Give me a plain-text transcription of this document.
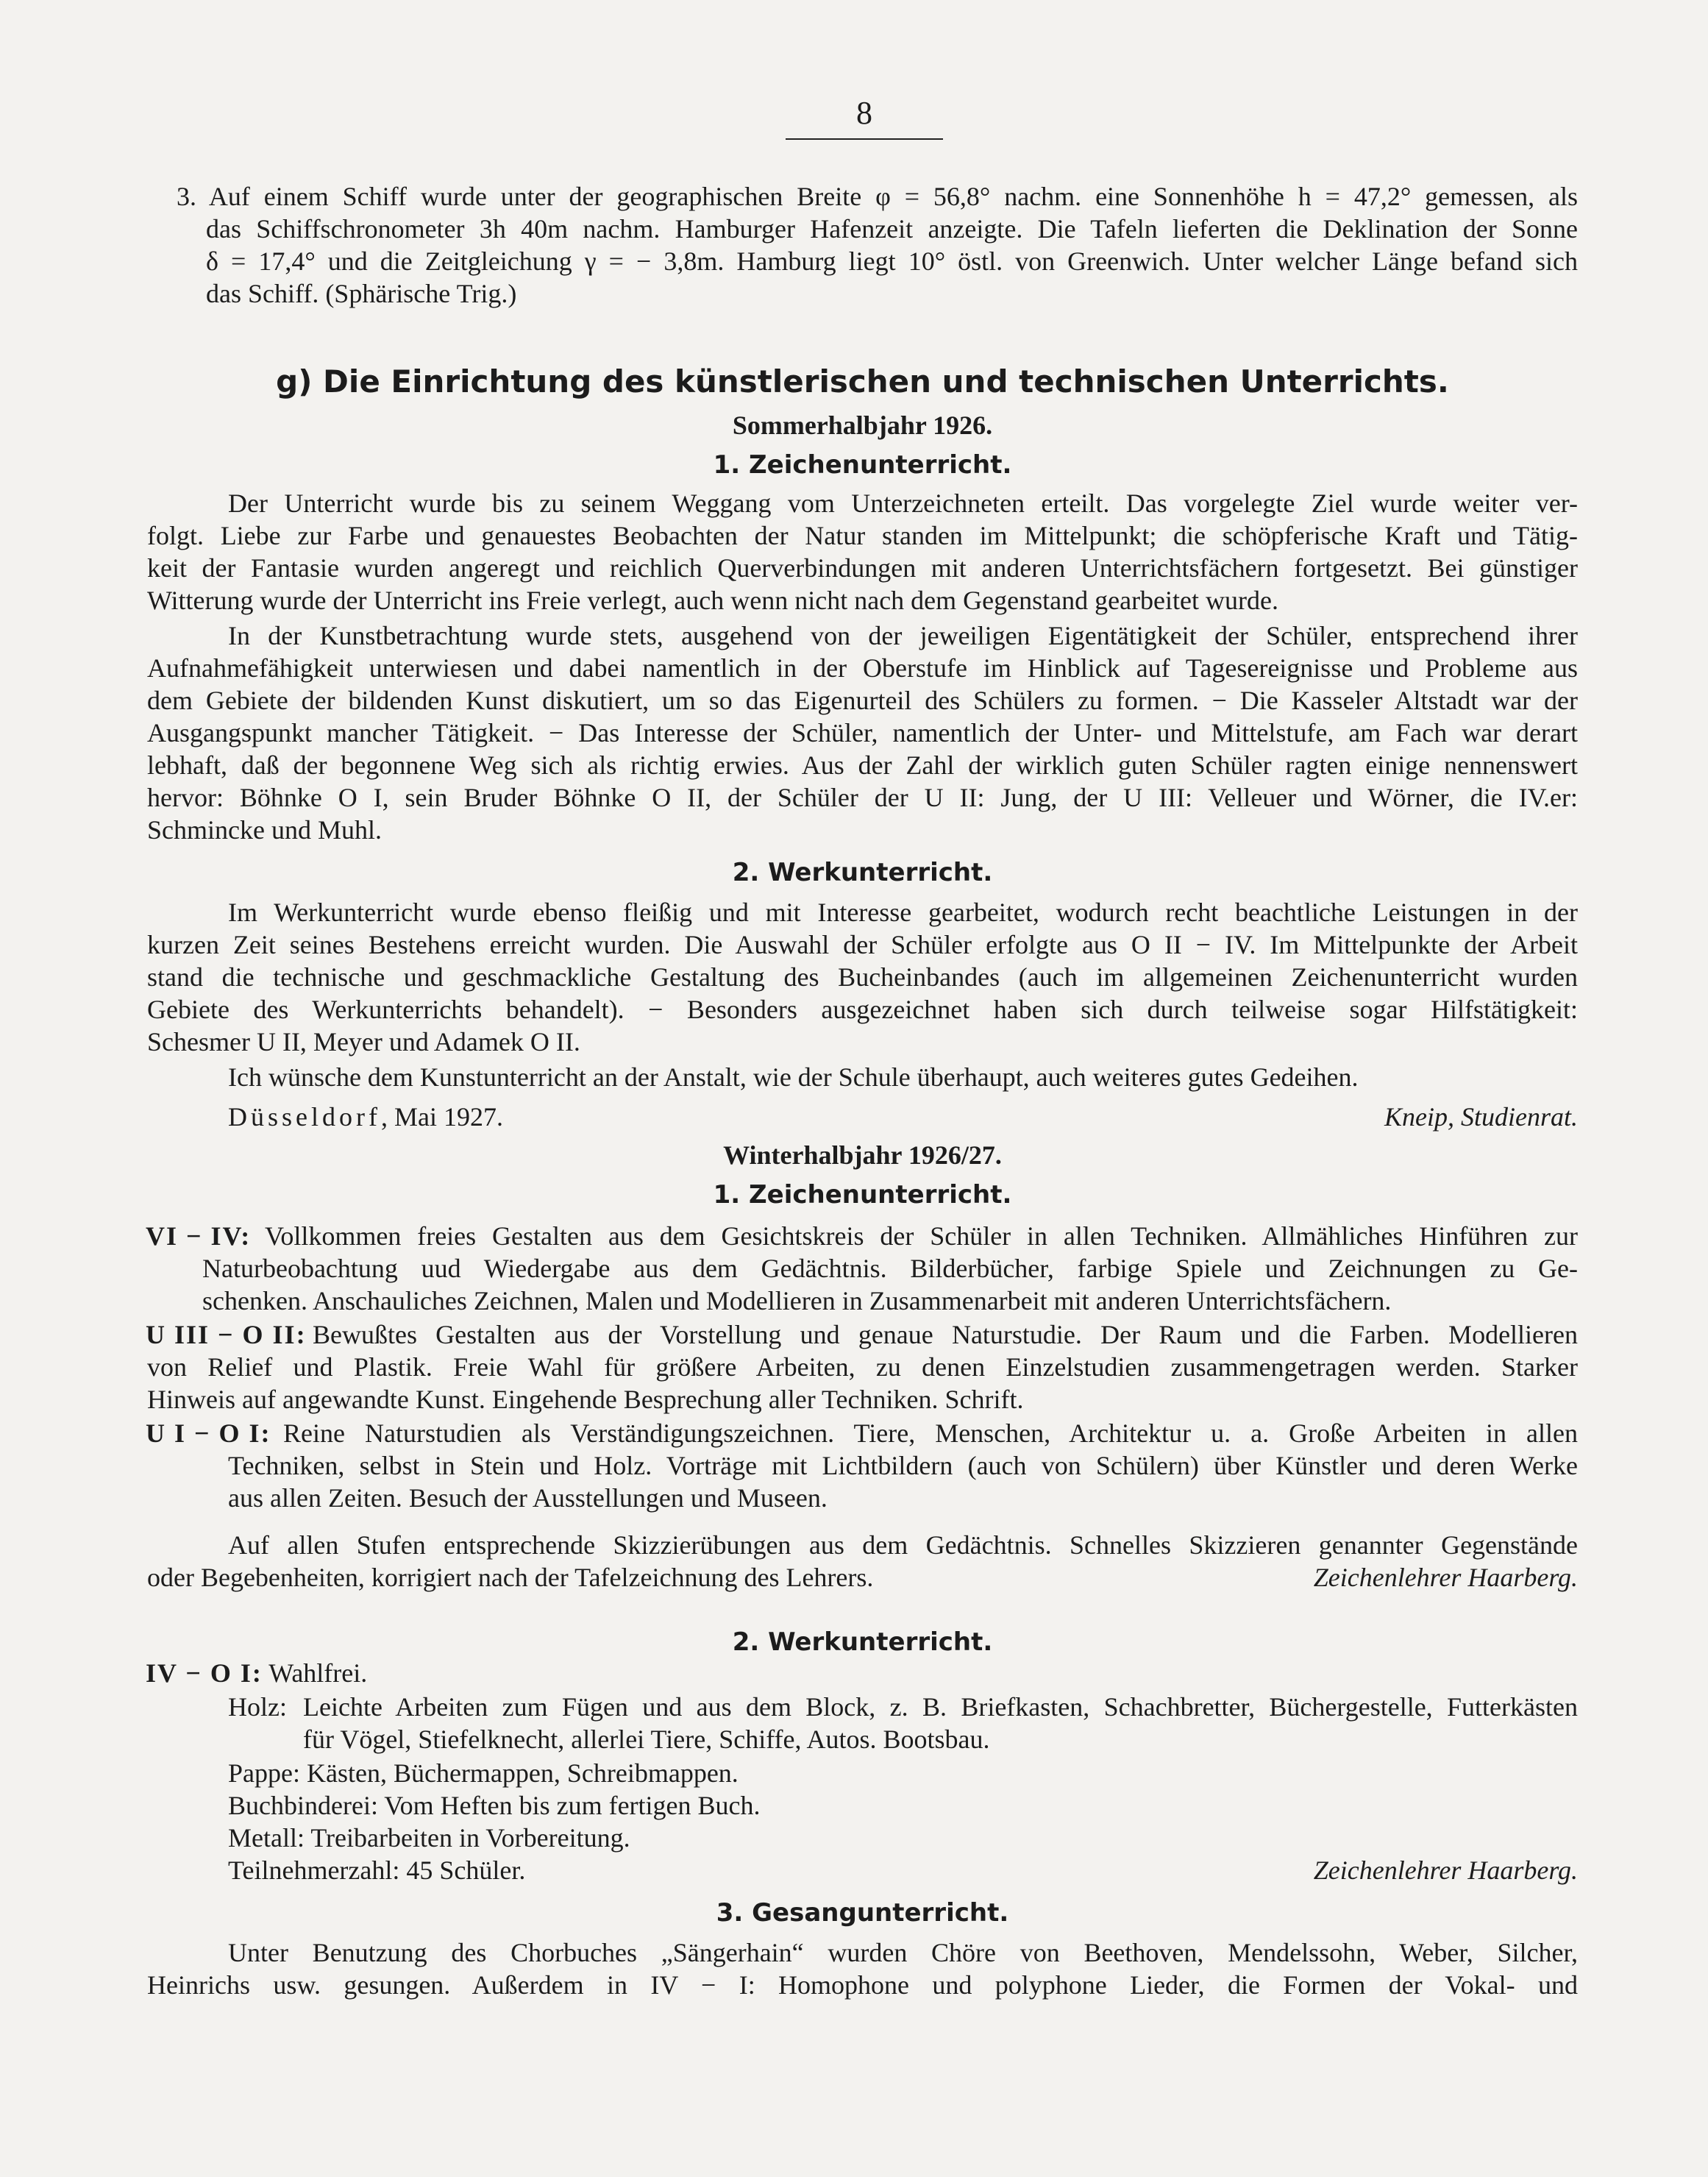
8
3. Auf einem Schiff wurde unter der geographischen Breite φ = 56,8° nachm. eine Sonnenhöhe h = 47,2° gemessen, als
das Schiffschronometer 3h 40m nachm. Hamburger Hafenzeit anzeigte. Die Tafeln lieferten die Deklination der Sonne
δ = 17,4° und die Zeitgleichung γ = − 3,8m. Hamburg liegt 10° östl. von Greenwich. Unter welcher Länge befand sich
das Schiff. (Sphärische Trig.)
g) Die Einrichtung des künstlerischen und technischen Unterrichts.
Sommerhalbjahr 1926.
1. Zeichenunterricht.
Der Unterricht wurde bis zu seinem Weggang vom Unterzeichneten erteilt. Das vorgelegte Ziel wurde weiter ver-
folgt. Liebe zur Farbe und genauestes Beobachten der Natur standen im Mittelpunkt; die schöpferische Kraft und Tätig-
keit der Fantasie wurden angeregt und reichlich Querverbindungen mit anderen Unterrichtsfächern fortgesetzt. Bei günstiger
Witterung wurde der Unterricht ins Freie verlegt, auch wenn nicht nach dem Gegenstand gearbeitet wurde.
In der Kunstbetrachtung wurde stets, ausgehend von der jeweiligen Eigentätigkeit der Schüler, entsprechend ihrer
Aufnahmefähigkeit unterwiesen und dabei namentlich in der Oberstufe im Hinblick auf Tagesereignisse und Probleme aus
dem Gebiete der bildenden Kunst diskutiert, um so das Eigenurteil des Schülers zu formen. − Die Kasseler Altstadt war der
Ausgangspunkt mancher Tätigkeit. − Das Interesse der Schüler, namentlich der Unter- und Mittelstufe, am Fach war derart
lebhaft, daß der begonnene Weg sich als richtig erwies. Aus der Zahl der wirklich guten Schüler ragten einige nennenswert
hervor: Böhnke O I, sein Bruder Böhnke O II, der Schüler der U II: Jung, der U III: Velleuer und Wörner, die IV.er:
Schmincke und Muhl.
2. Werkunterricht.
Im Werkunterricht wurde ebenso fleißig und mit Interesse gearbeitet, wodurch recht beachtliche Leistungen in der
kurzen Zeit seines Bestehens erreicht wurden. Die Auswahl der Schüler erfolgte aus O II − IV. Im Mittelpunkte der Arbeit
stand die technische und geschmackliche Gestaltung des Bucheinbandes (auch im allgemeinen Zeichenunterricht wurden
Gebiete des Werkunterrichts behandelt). − Besonders ausgezeichnet haben sich durch teilweise sogar Hilfstätigkeit:
Schesmer U II, Meyer und Adamek O II.
Ich wünsche dem Kunstunterricht an der Anstalt, wie der Schule überhaupt, auch weiteres gutes Gedeihen.
Düsseldorf, Mai 1927.	Kneip, Studienrat.
Winterhalbjahr 1926/27.
1. Zeichenunterricht.
VI − IV: Vollkommen freies Gestalten aus dem Gesichtskreis der Schüler in allen Techniken. Allmähliches Hinführen zur
Naturbeobachtung uud Wiedergabe aus dem Gedächtnis. Bilderbücher, farbige Spiele und Zeichnungen zu Ge-
schenken. Anschauliches Zeichnen, Malen und Modellieren in Zusammenarbeit mit anderen Unterrichtsfächern.
U III − O II: Bewußtes Gestalten aus der Vorstellung und genaue Naturstudie. Der Raum und die Farben. Modellieren
von Relief und Plastik. Freie Wahl für größere Arbeiten, zu denen Einzelstudien zusammengetragen werden. Starker
Hinweis auf angewandte Kunst. Eingehende Besprechung aller Techniken. Schrift.
U I − O I: Reine Naturstudien als Verständigungszeichnen. Tiere, Menschen, Architektur u. a. Große Arbeiten in allen
Techniken, selbst in Stein und Holz. Vorträge mit Lichtbildern (auch von Schülern) über Künstler und deren Werke
aus allen Zeiten. Besuch der Ausstellungen und Museen.
Auf allen Stufen entsprechende Skizzierübungen aus dem Gedächtnis. Schnelles Skizzieren genannter Gegenstände
oder Begebenheiten, korrigiert nach der Tafelzeichnung des Lehrers.	Zeichenlehrer Haarberg.
2. Werkunterricht.
IV − O I: Wahlfrei.
Holz: Leichte Arbeiten zum Fügen und aus dem Block, z. B. Briefkasten, Schachbretter, Büchergestelle, Futterkästen
für Vögel, Stiefelknecht, allerlei Tiere, Schiffe, Autos. Bootsbau.
Pappe: Kästen, Büchermappen, Schreibmappen.
Buchbinderei: Vom Heften bis zum fertigen Buch.
Metall: Treibarbeiten in Vorbereitung.
Teilnehmerzahl: 45 Schüler.	Zeichenlehrer Haarberg.
3. Gesangunterricht.
Unter Benutzung des Chorbuches „Sängerhain“ wurden Chöre von Beethoven, Mendelssohn, Weber, Silcher,
Heinrichs usw. gesungen. Außerdem in IV − I: Homophone und polyphone Lieder, die Formen der Vokal- und
